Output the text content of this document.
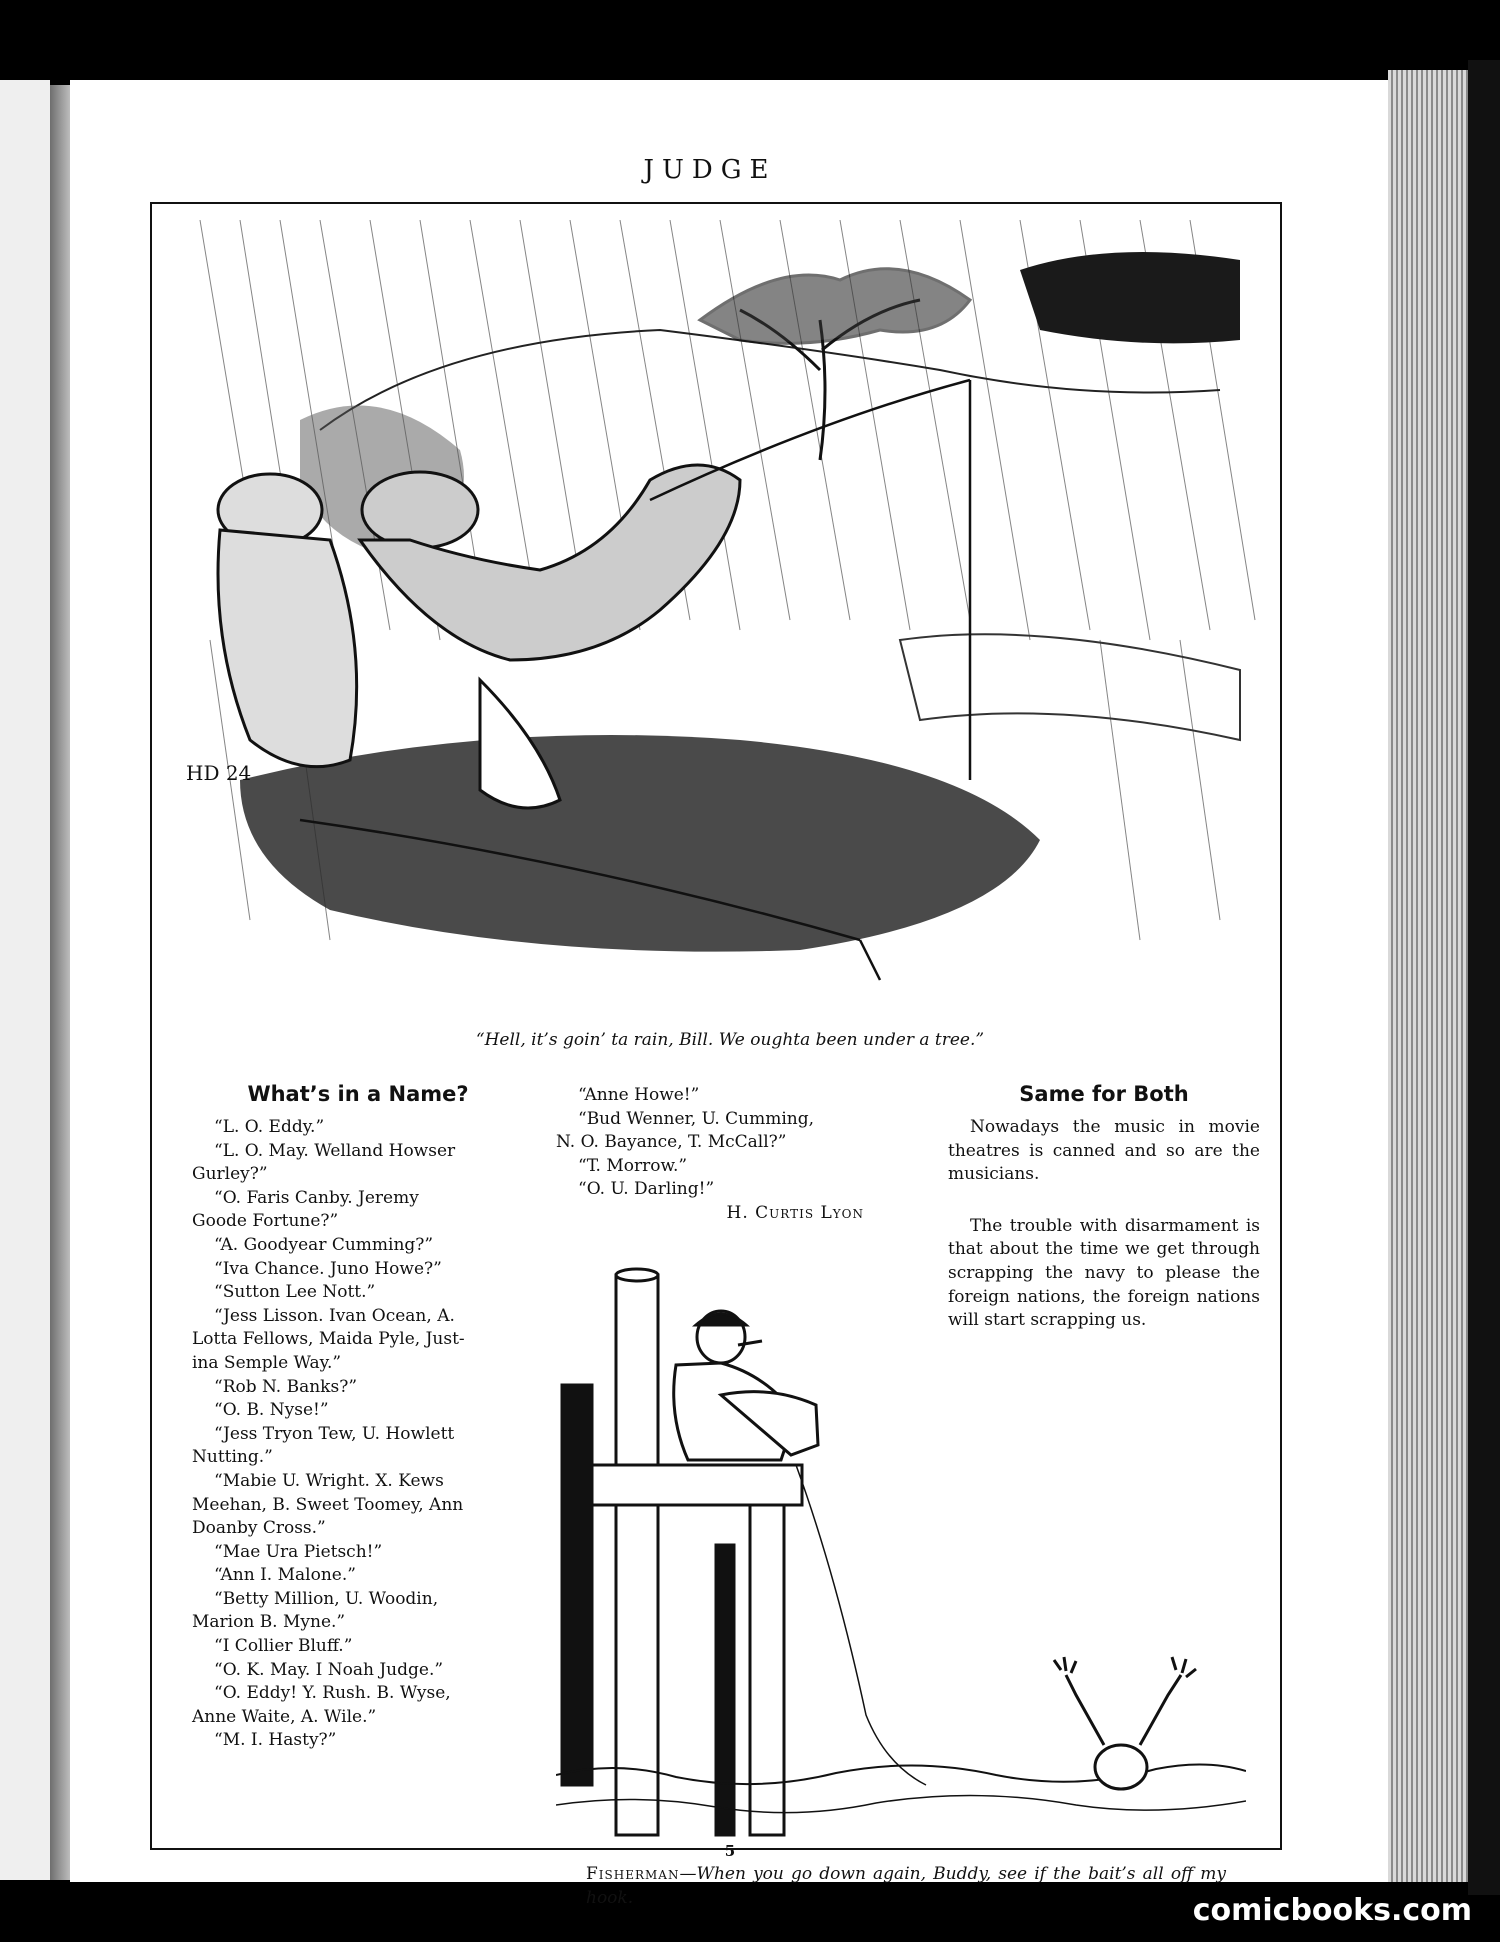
JUDGE
HD 24
“Hell, it’s goin’ ta rain, Bill. We oughta been under a tree.”
What’s in a Name?
“L. O. Eddy.”
“L. O. May. Welland Howser
Gurley?”
“O. Faris Canby. Jeremy
Goode Fortune?”
“A. Goodyear Cumming?”
“Iva Chance. Juno Howe?”
“Sutton Lee Nott.”
“Jess Lisson. Ivan Ocean, A.
Lotta Fellows, Maida Pyle, Just-
ina Semple Way.”
“Rob N. Banks?”
“O. B. Nyse!”
“Jess Tryon Tew, U. Howlett
Nutting.”
“Mabie U. Wright. X. Kews
Meehan, B. Sweet Toomey, Ann
Doanby Cross.”
“Mae Ura Pietsch!”
“Ann I. Malone.”
“Betty Million, U. Woodin,
Marion B. Myne.”
“I Collier Bluff.”
“O. K. May. I Noah Judge.”
“O. Eddy! Y. Rush. B. Wyse,
Anne Waite, A. Wile.”
“M. I. Hasty?”
“Anne Howe!”
“Bud Wenner, U. Cumming,
N. O. Bayance, T. McCall?”
“T. Morrow.”
“O. U. Darling!”
H. Curtis Lyon
Same for Both

Nowadays the music in movie theatres is canned and so are the musicians.

The trouble with disarmament is that about the time we get through scrapping the navy to please the foreign nations, the foreign nations will start scrapping us.

Fisherman—When you go down again, Buddy, see if the bait’s all off my hook.
5
comicbooks.com
